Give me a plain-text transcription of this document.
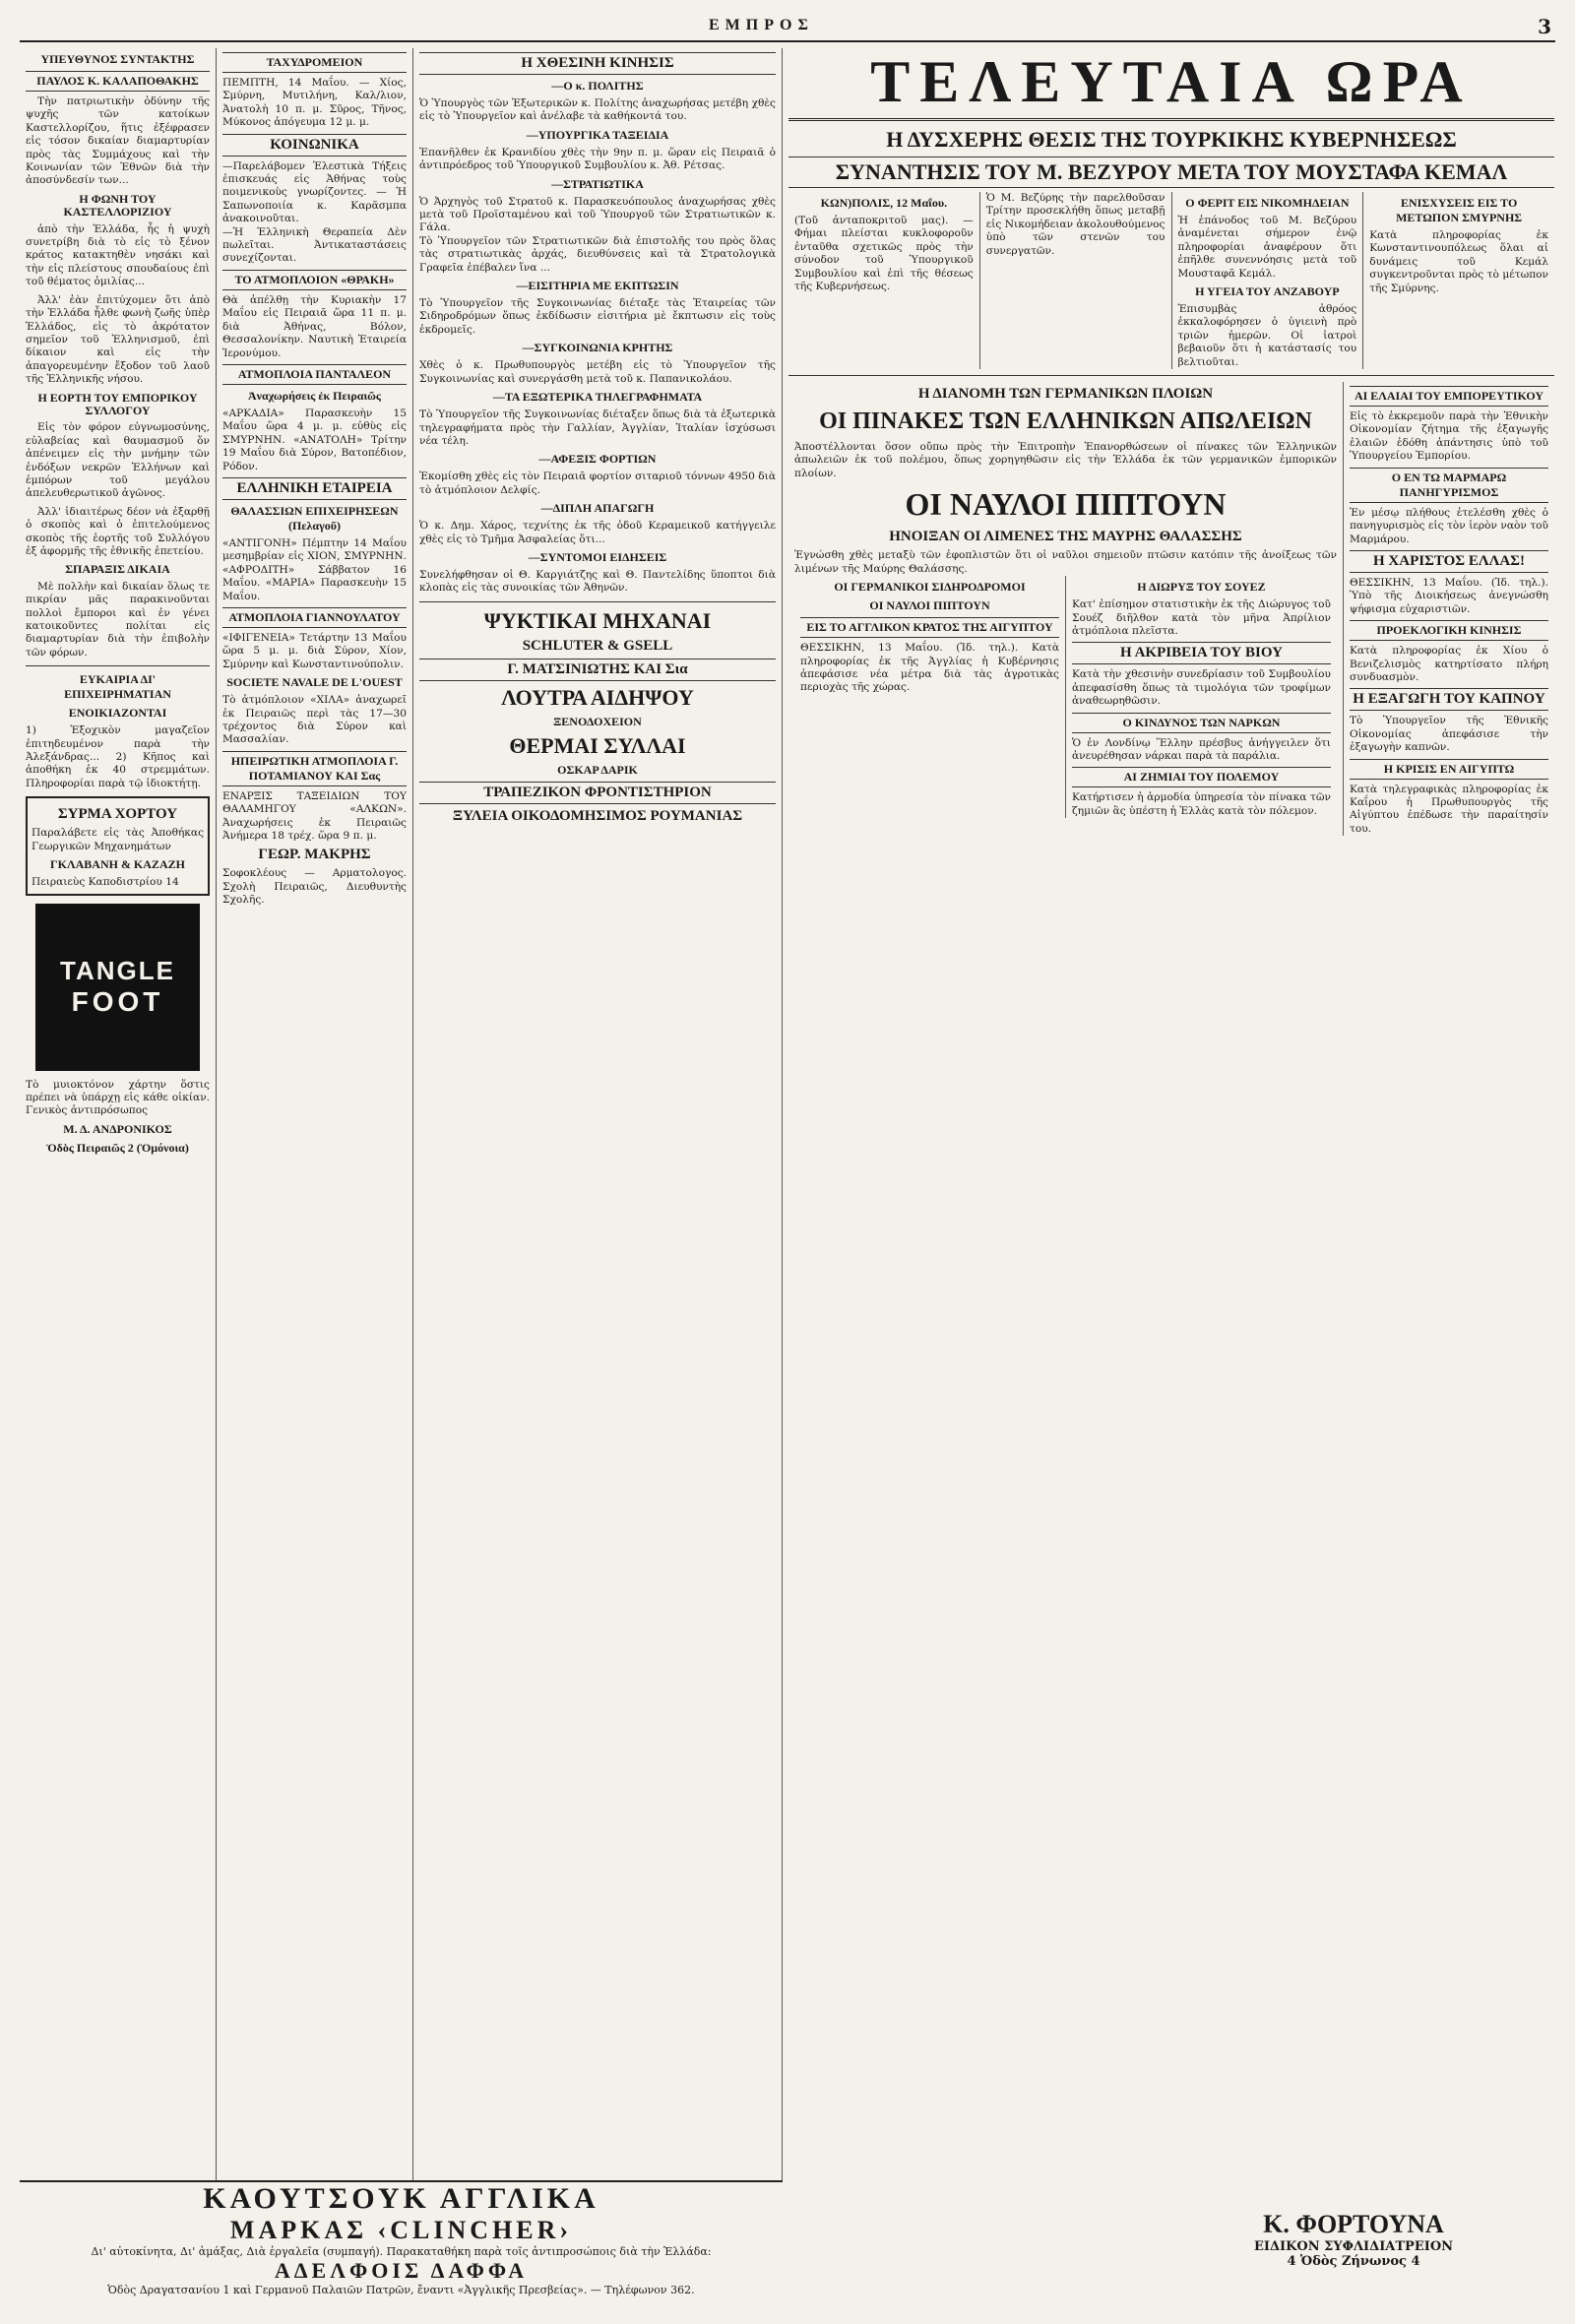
ΕΜΠΡΟΣ	3
ΥΠΕΥΘΥΝΟΣ ΣΥΝΤΑΚΤΗΣ
ΠΑΥΛΟΣ Κ. ΚΑΛΑΠΟΘΑΚΗΣ

Τὴν πατριωτικὴν ὀδύνην τῆς ψυχῆς τῶν κατοίκων Καστελλορίζου, ἥτις ἐξέφρασεν εἰς τόσον δικαίαν διαμαρτυρίαν πρὸς τὰς Συμμάχους καὶ τὴν Κοινωνίαν τῶν Ἐθνῶν διὰ τὴν ἀποσύνδεσίν των...

Η ΦΩΝΗ ΤΟΥ ΚΑΣΤΕΛΛΟΡΙΖΙΟΥ

ἀπὸ τὴν Ἑλλάδα, ἧς ἡ ψυχὴ συνετρίβη διὰ τὸ εἰς τὸ ξένον κράτος κατακτηθὲν νησάκι καὶ τὴν εἰς πλείστους σπουδαίους ἐπὶ τοῦ θέματος ὁμιλίας...

Ἀλλ' ἐὰν ἐπιτύχομεν ὅτι ἀπὸ τὴν Ἑλλάδα ἦλθε φωνὴ ζωῆς ὑπὲρ Ἑλλάδος, εἰς τὸ ἀκρότατον σημεῖον τοῦ Ἑλληνισμοῦ, ἐπὶ δίκαιον καὶ εἰς τὴν ἀπαγορευμένην ἔξοδον τοῦ λαοῦ τῆς Ἑλληνικῆς νήσου.

Η ΕΟΡΤΗ ΤΟΥ ΕΜΠΟΡΙΚΟΥ ΣΥΛΛΟΓΟΥ

Εἰς τὸν φόρον εὐγνωμοσύνης, εὐλαβείας καὶ θαυμασμοῦ ὅν ἀπένειμεν εἰς τὴν μνήμην τῶν ἐνδόξων νεκρῶν Ἑλλήνων καὶ ἐμπόρων τοῦ μεγάλου ἀπελευθερωτικοῦ ἀγῶνος.

Ἀλλ' ἰδιαιτέρως δέον νὰ ἐξαρθῇ ὁ σκοπὸς καὶ ὁ ἐπιτελούμενος σκοπὸς τῆς ἑορτῆς τοῦ Συλλόγου ἐξ ἀφορμῆς τῆς ἐθνικῆς ἐπετείου.

ΣΠΑΡΑΞΙΣ ΔΙΚΑΙΑ

Μὲ πολλὴν καὶ δικαίαν ὅλως τε πικρίαν μᾶς παρακινοῦνται πολλοὶ ἔμποροι καὶ ἐν γένει κατοικοῦντες πολίται εἰς διαμαρτυρίαν διὰ τὴν ἐπιβολὴν τῶν φόρων.

ΕΥΚΑΙΡΙΑ ΔΙ' ΕΠΙΧΕΙΡΗΜΑΤΙΑΝ
ΕΝΟΙΚΙΑΖΟΝΤΑΙ
1) Ἐξοχικὸν μαγαζεῖον ἐπιτηδευμένον παρὰ τὴν Ἀλεξάνδρας... 2) Κῆπος καὶ ἀποθήκη ἐκ 40 στρεμμάτων. Πληροφορίαι παρὰ τῷ ἰδιοκτήτῃ.
ΣΥΡΜΑ ΧΟΡΤΟΥ
Παραλάβετε εἰς τὰς Ἀποθήκας Γεωργικῶν Μηχανημάτων
ΓΚΛΑΒΑΝΗ & ΚΑΖΑΖΗ
Πειραιεὺς Καποδιστρίου 14
TANGLE
FOOT
Τὸ μυιοκτόνον χάρτην ὅστις πρέπει νὰ ὑπάρχῃ εἰς κάθε οἰκίαν. Γενικὸς ἀντιπρόσωπος
Μ. Δ. ΑΝΔΡΟΝΙΚΟΣ
Ὁδὸς Πειραιῶς 2 (Ὁμόνοια)
ΤΑΧΥΔΡΟΜΕΙΟΝ
ΠΕΜΠΤΗ, 14 Μαΐου. — Χίος, Σμύρνη, Μυτιλήνη, Καλ/λιον, Ἀνατολὴ 10 π. μ. Σῦρος, Τῆνος, Μύκονος ἀπόγευμα 12 μ. μ.
ΚΟΙΝΩΝΙΚΑ
—Παρελάβομεν Ἑλεστικὰ Τήξεις ἐπισκευάς εἰς Ἀθήνας τοὺς ποιμενικοὺς γνωρίζοντες. — Ἡ Σαπωνοποιία κ. Καρᾶσμπα ἀνακοινοῦται.
—Ἡ Ἑλληνικὴ Θεραπεία Δὲν πωλεῖται. Ἀντικαταστάσεις συνεχίζονται.
ΤΟ ΑΤΜΟΠΛΟΙΟΝ «ΘΡΑΚΗ»
Θὰ ἀπέλθῃ τὴν Κυριακὴν 17 Μαΐου εἰς Πειραιᾶ ὥρα 11 π. μ. διὰ Ἀθήνας, Βόλον, Θεσσαλονίκην. Ναυτικὴ Ἑταιρεία Ἱερονύμου.
ΑΤΜΟΠΛΟΙΑ ΠΑΝΤΑΛΕΟΝ
Ἀναχωρήσεις ἐκ Πειραιῶς
«ΑΡΚΑΔΙΑ» Παρασκευὴν 15 Μαΐου ὥρα 4 μ. μ. εὐθὺς εἰς ΣΜΥΡΝΗΝ. «ΑΝΑΤΟΛΗ» Τρίτην 19 Μαΐου διὰ Σύρον, Βατοπέδιον, Ρόδον.
ΕΛΛΗΝΙΚΗ ΕΤΑΙΡΕΙΑ
ΘΑΛΑΣΣΙΩΝ ΕΠΙΧΕΙΡΗΣΕΩΝ (Πελαγοῦ)
«ΑΝΤΙΓΟΝΗ» Πέμπτην 14 Μαΐου μεσημβρίαν εἰς ΧΙΟΝ, ΣΜΥΡΝΗΝ. «ΑΦΡΟΔΙΤΗ» Σάββατον 16 Μαΐου. «ΜΑΡΙΑ» Παρασκευὴν 15 Μαΐου.
ΑΤΜΟΠΛΟΙΑ ΓΙΑΝΝΟΥΛΑΤΟΥ
«ΙΦΙΓΕΝΕΙΑ» Τετάρτην 13 Μαΐου ὥρα 5 μ. μ. διὰ Σύρον, Χίον, Σμύρνην καὶ Κωνσταντινούπολιν.
SOCIETE NAVALE DE L'OUEST
Τὸ ἀτμόπλοιον «ΧΙΛΑ» ἀναχωρεῖ ἐκ Πειραιῶς περὶ τὰς 17—30 τρέχοντος διὰ Σύρον καὶ Μασσαλίαν.
ΗΠΕΙΡΩΤΙΚΗ ΑΤΜΟΠΛΟΙΑ Γ. ΠΟΤΑΜΙΑΝΟΥ ΚΑΙ Σας
ΕΝΑΡΞΙΣ ΤΑΞΕΙΔΙΩΝ ΤΟΥ ΘΑΛΑΜΗΓΟΥ «ΑΛΚΩΝ». Ἀναχωρήσεις ἐκ Πειραιῶς Ἀνήμερα 18 τρέχ. ὥρα 9 π. μ.
ΓΕΩΡ. ΜΑΚΡΗΣ
Σοφοκλέους — Αρματολογος. Σχολὴ Πειραιῶς, Διευθυντὴς Σχολῆς.
Η ΧΘΕΣΙΝΗ ΚΙΝΗΣΙΣ
—Ο κ. ΠΟΛΙΤΗΣ
Ὁ Ὑπουργὸς τῶν Ἐξωτερικῶν κ. Πολίτης ἀναχωρήσας μετέβη χθὲς εἰς τὸ Ὑπουργεῖον καὶ ἀνέλαβε τὰ καθήκοντά του.
—ΥΠΟΥΡΓΙΚΑ ΤΑΞΕΙΔΙΑ
Ἐπανῆλθεν ἐκ Κρανιδίου χθὲς τὴν 9ην π. μ. ὥραν εἰς Πειραιᾶ ὁ ἀντιπρόεδρος τοῦ Ὑπουργικοῦ Συμβουλίου κ. Ἀθ. Ρέτσας.
—ΣΤΡΑΤΙΩΤΙΚΑ
Ὁ Ἀρχηγὸς τοῦ Στρατοῦ κ. Παρασκευόπουλος ἀναχωρήσας χθὲς μετὰ τοῦ Προϊσταμένου καὶ τοῦ Ὑπουργοῦ τῶν Στρατιωτικῶν κ. Γάλα.
Τὸ Ὑπουργεῖον τῶν Στρατιωτικῶν διὰ ἐπιστολῆς του πρὸς ὅλας τὰς στρατιωτικὰς ἀρχάς, διευθύνσεις καὶ τὰ Στρατολογικὰ Γραφεῖα ἐπέβαλεν ἵνα ...
—ΕΙΣΙΤΗΡΙΑ ΜΕ ΕΚΠΤΩΣΙΝ
Τὸ Ὑπουργεῖον τῆς Συγκοινωνίας διέταξε τὰς Ἑταιρείας τῶν Σιδηροδρόμων ὅπως ἐκδίδωσιν εἰσιτήρια μὲ ἔκπτωσιν εἰς τοὺς ἐκδρομεῖς.
—ΣΥΓΚΟΙΝΩΝΙΑ ΚΡΗΤΗΣ
Χθὲς ὁ κ. Πρωθυπουργὸς μετέβη εἰς τὸ Ὑπουργεῖον τῆς Συγκοινωνίας καὶ συνεργάσθη μετὰ τοῦ κ. Παπανικολάου.
—ΤΑ ΕΞΩΤΕΡΙΚΑ ΤΗΛΕΓΡΑΦΗΜΑΤΑ
Τὸ Ὑπουργεῖον τῆς Συγκοινωνίας διέταξεν ὅπως διὰ τὰ ἐξωτερικὰ τηλεγραφήματα πρὸς τὴν Γαλλίαν, Ἀγγλίαν, Ἰταλίαν ἰσχύσωσι νέα τέλη.
—ΑΦΕΞΙΣ ΦΟΡΤΙΩΝ
Ἐκομίσθη χθὲς εἰς τὸν Πειραιᾶ φορτίον σιταριοῦ τόννων 4950 διὰ τὸ ἀτμόπλοιον Δελφίς.
—ΔΙΠΛΗ ΑΠΑΓΩΓΗ
Ὁ κ. Δημ. Χάρος, τεχνίτης ἐκ τῆς ὁδοῦ Κεραμεικοῦ κατήγγειλε χθὲς εἰς τὸ Τμῆμα Ἀσφαλείας ὅτι...
—ΣΥΝΤΟΜΟΙ ΕΙΔΗΣΕΙΣ
Συνελήφθησαν οἱ Θ. Καργιάτζης καὶ Θ. Παντελίδης ὕποπτοι διὰ κλοπὰς εἰς τὰς συνοικίας τῶν Ἀθηνῶν.
ΨΥΚΤΙΚΑΙ ΜΗΧΑΝΑΙ
SCHLUTER & GSELL
Γ. ΜΑΤΣΙΝΙΩΤΗΣ ΚΑΙ Σια
ΛΟΥΤΡΑ ΑΙΔΗΨΟΥ
ΞΕΝΟΔΟΧΕΙΟΝ
ΘΕΡΜΑΙ ΣΥΛΛΑΙ
ΟΣΚΑΡ ΔΑΡΙΚ
ΤΡΑΠΕΖΙΚΟΝ ΦΡΟΝΤΙΣΤΗΡΙΟΝ
ΞΥΛΕΙΑ ΟΙΚΟΔΟΜΗΣΙΜΟΣ ΡΟΥΜΑΝΙΑΣ
ΤΕΛΕΥΤΑΙΑ ΩΡΑ
Η ΔΥΣΧΕΡΗΣ ΘΕΣΙΣ ΤΗΣ ΤΟΥΡΚΙΚΗΣ ΚΥΒΕΡΝΗΣΕΩΣ
ΣΥΝΑΝΤΗΣΙΣ ΤΟΥ Μ. ΒΕΖΥΡΟΥ ΜΕΤΑ ΤΟΥ ΜΟΥΣΤΑΦΑ ΚΕΜΑΛ
ΚΩΝ)ΠΟΛΙΣ, 12 Μαΐου.
(Τοῦ ἀνταποκριτοῦ μας). — Φήμαι πλείσται κυκλοφοροῦν ἐνταῦθα σχετικῶς πρὸς τὴν σύνοδον τοῦ Ὑπουργικοῦ Συμβουλίου καὶ ἐπὶ τῆς θέσεως τῆς Κυβερνήσεως.
Ὁ Μ. Βεζύρης τὴν παρελθοῦσαν Τρίτην προσεκλήθη ὅπως μεταβῇ εἰς Νικομήδειαν ἀκολουθούμενος ὑπὸ τῶν στενῶν του συνεργατῶν.
Ο ΦΕΡΙΤ ΕΙΣ ΝΙΚΟΜΗΔΕΙΑΝ
Ἡ ἐπάνοδος τοῦ Μ. Βεζύρου ἀναμένεται σήμερον ἐνῷ πληροφορίαι ἀναφέρουν ὅτι ἐπῆλθε συνεννόησις μετὰ τοῦ Μουσταφᾶ Κεμάλ.
Η ΥΓΕΙΑ ΤΟΥ ΑΝΖΑΒΟΥΡ
Ἐπισυμβὰς ἀθρόος ἐκκαλοφόρησεν ὁ ὑγιεινὴ πρὸ τριῶν ἡμερῶν. Οἱ ἰατροὶ βεβαιοῦν ὅτι ἡ κατάστασίς του βελτιοῦται.
ΕΝΙΣΧΥΣΕΙΣ ΕΙΣ ΤΟ ΜΕΤΩΠΟΝ ΣΜΥΡΝΗΣ
Κατὰ πληροφορίας ἐκ Κωνσταντινουπόλεως ὅλαι αἱ δυνάμεις τοῦ Κεμάλ συγκεντροῦνται πρὸς τὸ μέτωπον τῆς Σμύρνης.
Η ΔΙΑΝΟΜΗ ΤΩΝ ΓΕΡΜΑΝΙΚΩΝ ΠΛΟΙΩΝ
ΟΙ ΠΙΝΑΚΕΣ ΤΩΝ ΕΛΛΗΝΙΚΩΝ ΑΠΩΛΕΙΩΝ
Ἀποστέλλονται ὅσον οὔπω πρὸς τὴν Ἐπιτροπὴν Ἐπανορθώσεων οἱ πίνακες τῶν Ἑλληνικῶν ἀπωλειῶν ἐκ τοῦ πολέμου, ὅπως χορηγηθῶσιν εἰς τὴν Ἑλλάδα ἐκ τῶν γερμανικῶν ἐμπορικῶν πλοίων.
ΟΙ ΝΑΥΛΟΙ ΠΙΠΤΟΥΝ
ΗΝΟΙΞΑΝ ΟΙ ΛΙΜΕΝΕΣ ΤΗΣ ΜΑΥΡΗΣ ΘΑΛΑΣΣΗΣ
Ἐγνώσθη χθὲς μεταξὺ τῶν ἐφοπλιστῶν ὅτι οἱ ναῦλοι σημειοῦν πτῶσιν κατόπιν τῆς ἀνοίξεως τῶν λιμένων τῆς Μαύρης Θαλάσσης.
ΟΙ ΓΕΡΜΑΝΙΚΟΙ ΣΙΔΗΡΟΔΡΟΜΟΙ
ΟΙ ΝΑΥΛΟΙ ΠΙΠΤΟΥΝ
ΕΙΣ ΤΟ ΑΓΓΛΙΚΟΝ ΚΡΑΤΟΣ ΤΗΣ ΑΙΓΥΠΤΟΥ
ΘΕΣΣΙΚΗΝ, 13 Μαΐου. (Ἰδ. τηλ.). Κατὰ πληροφορίας ἐκ τῆς Ἀγγλίας ἡ Κυβέρνησις ἀπεφάσισε νέα μέτρα διὰ τὰς ἀγροτικὰς περιοχὰς τῆς χώρας.
Η ΔΙΩΡΥΞ ΤΟΥ ΣΟΥΕΖ
Κατ' ἐπίσημον στατιστικὴν ἐκ τῆς Διώρυγος τοῦ Σουέζ διῆλθον κατὰ τὸν μῆνα Ἀπρίλιον ἀτμόπλοια πλεῖστα.
Η ΑΚΡΙΒΕΙΑ ΤΟΥ ΒΙΟΥ
Κατὰ τὴν χθεσινὴν συνεδρίασιν τοῦ Συμβουλίου ἀπεφασίσθη ὅπως τὰ τιμολόγια τῶν τροφίμων ἀναθεωρηθῶσιν.
Ο ΚΙΝΔΥΝΟΣ ΤΩΝ ΝΑΡΚΩΝ
Ὁ ἐν Λονδίνῳ Ἕλλην πρέσβυς ἀνήγγειλεν ὅτι ἀνευρέθησαν νάρκαι παρὰ τὰ παράλια.
ΑΙ ΖΗΜΙΑΙ ΤΟΥ ΠΟΛΕΜΟΥ
Κατήρτισεν ἡ ἁρμοδία ὑπηρεσία τὸν πίνακα τῶν ζημιῶν ἃς ὑπέστη ἡ Ἑλλὰς κατὰ τὸν πόλεμον.
ΑΙ ΕΛΑΙΑΙ ΤΟΥ ΕΜΠΟΡΕΥΤΙΚΟΥ
Εἰς τὸ ἐκκρεμοῦν παρὰ τὴν Ἐθνικὴν Οἰκονομίαν ζήτημα τῆς ἐξαγωγῆς ἐλαιῶν ἐδόθη ἀπάντησις ὑπὸ τοῦ Ὑπουργείου Ἐμπορίου.
Ο ΕΝ ΤΩ ΜΑΡΜΑΡΩ ΠΑΝΗΓΥΡΙΣΜΟΣ
Ἐν μέσῳ πλήθους ἐτελέσθη χθὲς ὁ πανηγυρισμὸς εἰς τὸν ἱερὸν ναὸν τοῦ Μαρμάρου.
Η ΧΑΡΙΣΤΟΣ ΕΛΛΑΣ!
ΘΕΣΣΙΚΗΝ, 13 Μαΐου. (Ἰδ. τηλ.). Ὑπὸ τῆς Διοικήσεως ἀνεγνώσθη ψήφισμα εὐχαριστιῶν.
ΠΡΟΕΚΛΟΓΙΚΗ ΚΙΝΗΣΙΣ
Κατὰ πληροφορίας ἐκ Χίου ὁ Βενιζελισμὸς κατηρτίσατο πλήρη συνδυασμὸν.
Η ΕΞΑΓΩΓΗ ΤΟΥ ΚΑΠΝΟΥ
Τὸ Ὑπουργεῖον τῆς Ἐθνικῆς Οἰκονομίας ἀπεφάσισε τὴν ἐξαγωγὴν καπνῶν.
Η ΚΡΙΣΙΣ ΕΝ ΑΙΓΥΠΤΩ
Κατὰ τηλεγραφικὰς πληροφορίας ἐκ Καΐρου ἡ Πρωθυπουργὸς τῆς Αἰγύπτου ἐπέδωσε τὴν παραίτησίν του.
ΚΑΟΥΤΣΟΥΚ ΑΓΓΛΙΚΑ
ΜΑΡΚΑΣ ‹CLINCHER›
Δι' αὐτοκίνητα, Δι' ἀμάξας, Διὰ ἐργαλεῖα (συμπαγή). Παρακαταθήκη παρὰ τοῖς ἀντιπροσώποις διὰ τὴν Ἑλλάδα:
ΑΔΕΛΦΟΙΣ ΔΑΦΦΑ
Ὁδὸς Δραγατσανίου 1 καὶ Γερμανοῦ Παλαιῶν Πατρῶν, ἔναντι «Ἀγγλικῆς Πρεσβείας». — Τηλέφωνον 362.
Κ. ΦΟΡΤΟΥΝΑ
ΕΙΔΙΚΟΝ ΣΥΦΛΙΔΙΑΤΡΕΙΟΝ
4 Ὁδὸς Ζήνωνος 4
